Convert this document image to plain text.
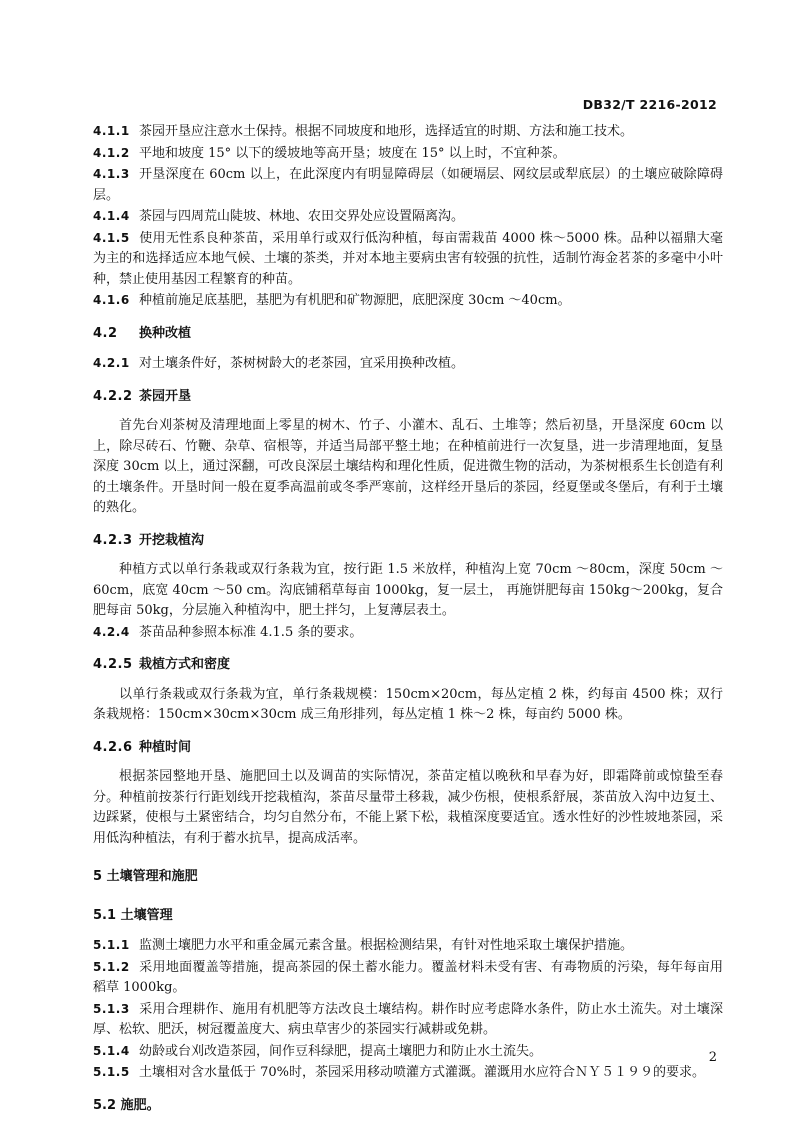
DB32/T 2216-2012

4.1.1 茶园开垦应注意水土保持。根据不同坡度和地形，选择适宜的时期、方法和施工技术。

4.1.2 平地和坡度 15° 以下的缓坡地等高开垦；坡度在 15° 以上时，不宜种茶。

4.1.3 开垦深度在 60cm 以上，在此深度内有明显障碍层（如硬塥层、网纹层或犁底层）的土壤应破除障碍层。

4.1.4 茶园与四周荒山陡坡、林地、农田交界处应设置隔离沟。

4.1.5 使用无性系良种茶苗，采用单行或双行低沟种植，每亩需栽苗 4000 株～5000 株。品种以福鼎大毫为主的和选择适应本地气候、土壤的茶类，并对本地主要病虫害有较强的抗性，适制竹海金茗茶的多毫中小叶种，禁止使用基因工程繁育的种苗。

4.1.6 种植前施足底基肥，基肥为有机肥和矿物源肥，底肥深度 30cm ～40cm。

4.2 换种改植

4.2.1 对土壤条件好，茶树树龄大的老茶园，宜采用换种改植。

4.2.2 茶园开垦

首先台刈茶树及清理地面上零星的树木、竹子、小灌木、乱石、土堆等；然后初垦，开垦深度 60cm 以上，除尽砖石、竹鞭、杂草、宿根等，并适当局部平整土地；在种植前进行一次复垦，进一步清理地面，复垦深度 30cm 以上，通过深翻，可改良深层土壤结构和理化性质，促进微生物的活动，为茶树根系生长创造有利的土壤条件。开垦时间一般在夏季高温前或冬季严寒前，这样经开垦后的茶园，经夏堡或冬堡后，有利于土壤的熟化。

4.2.3 开挖栽植沟

种植方式以单行条栽或双行条栽为宜，按行距 1.5 米放样，种植沟上宽 70cm ～80cm，深度 50cm ～60cm，底宽 40cm ～50 cm。沟底铺稻草每亩 1000kg，复一层土， 再施饼肥每亩 150kg～200kg，复合肥每亩 50kg，分层施入种植沟中，肥土拌匀，上复薄层表土。

4.2.4 茶苗品种参照本标准 4.1.5 条的要求。

4.2.5 栽植方式和密度

以单行条栽或双行条栽为宜，单行条栽规模：150cm×20cm，每丛定植 2 株，约每亩 4500 株；双行条栽规格：150cm×30cm×30cm 成三角形排列，每丛定植 1 株～2 株，每亩约 5000 株。

4.2.6 种植时间

根据茶园整地开垦、施肥回土以及调苗的实际情况，茶苗定植以晚秋和早春为好，即霜降前或惊蛰至春分。种植前按茶行行距划线开挖栽植沟，茶苗尽量带土移栽，减少伤根，使根系舒展，茶苗放入沟中边复土、边踩紧，使根与土紧密结合，均匀自然分布，不能上紧下松，栽植深度要适宜。透水性好的沙性坡地茶园，采用低沟种植法，有利于蓄水抗旱，提高成活率。

5 土壤管理和施肥

5.1 土壤管理

5.1.1 监测土壤肥力水平和重金属元素含量。根据检测结果，有针对性地采取土壤保护措施。

5.1.2 采用地面覆盖等措施，提高茶园的保土蓄水能力。覆盖材料未受有害、有毒物质的污染，每年每亩用稻草 1000kg。

5.1.3 采用合理耕作、施用有机肥等方法改良土壤结构。耕作时应考虑降水条件，防止水土流失。对土壤深厚、松软、肥沃，树冠覆盖度大、病虫草害少的茶园实行减耕或免耕。

5.1.4 幼龄或台刈改造茶园，间作豆科绿肥，提高土壤肥力和防止水土流失。

5.1.5 土壤相对含水量低于 70%时，茶园采用移动喷灌方式灌溉。灌溉用水应符合ＮＹ５１９９的要求。

5.2 施肥。

2
